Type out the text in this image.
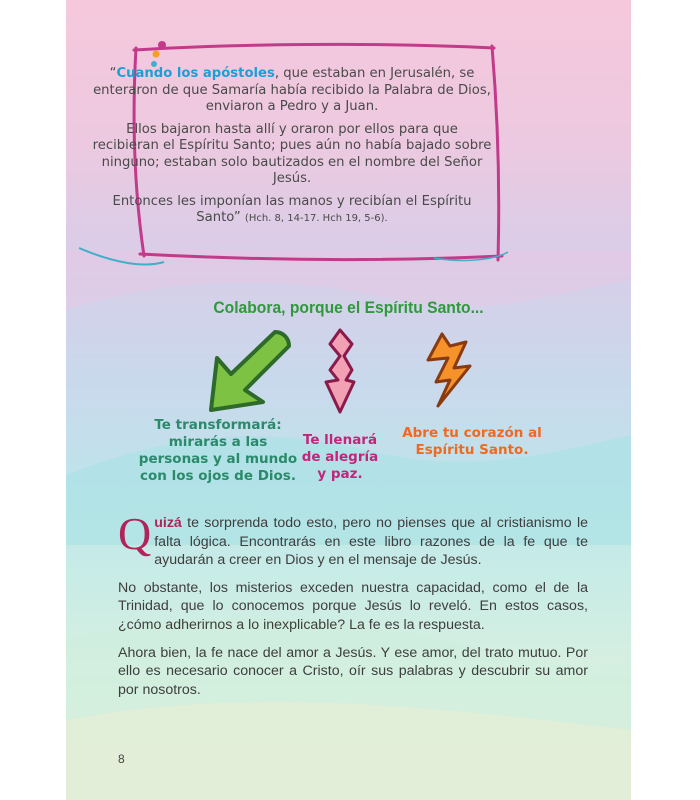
“Cuando los apóstoles, que estaban en Jerusalén, se enteraron de que Samaría había recibido la Palabra de Dios, enviaron a Pedro y a Juan.

Ellos bajaron hasta allí y oraron por ellos para que recibieran el Espíritu Santo; pues aún no había bajado sobre ninguno; estaban solo bautizados en el nombre del Señor Jesús.

Entonces les imponían las manos y recibían el Espíritu Santo” (Hch. 8, 14-17. Hch 19, 5-6).

Colabora, porque el Espíritu Santo...
Te transformará: mirarás a las personas y al mundo con los ojos de Dios.
Te llenará de alegría y paz.
Abre tu corazón al Espíritu Santo.

Quizá te sorprenda todo esto, pero no pienses que al cristianismo le falta lógica. Encontrarás en este libro razones de la fe que te ayudarán a creer en Dios y en el mensaje de Jesús.

No obstante, los misterios exceden nuestra capacidad, como el de la Trinidad, que lo conocemos porque Jesús lo reveló. En estos casos, ¿cómo adherirnos a lo inexplicable? La fe es la respuesta.

Ahora bien, la fe nace del amor a Jesús. Y ese amor, del trato mutuo. Por ello es necesario conocer a Cristo, oír sus palabras y descubrir su amor por nosotros.

8
